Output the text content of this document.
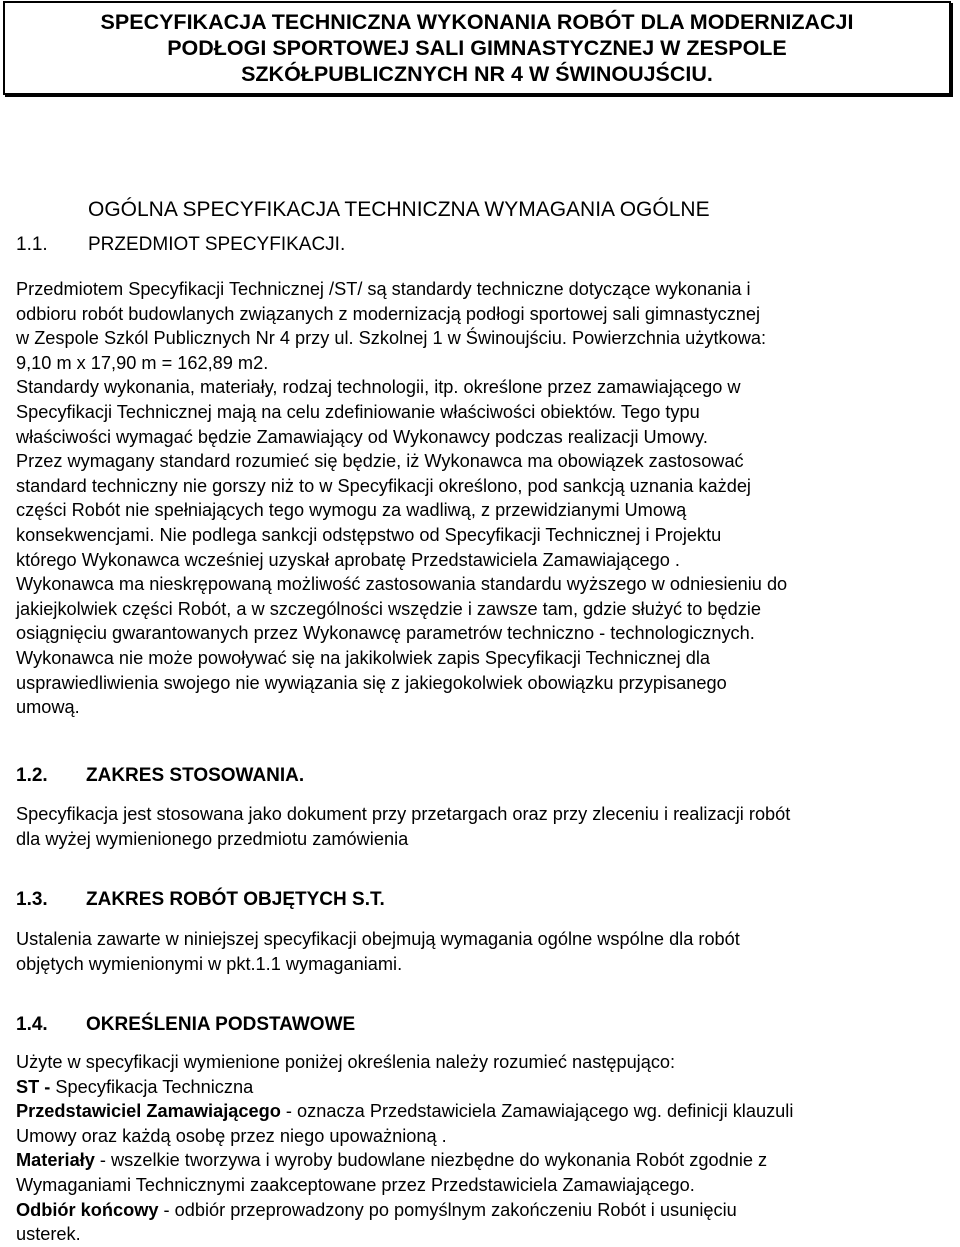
SPECYFIKACJA TECHNICZNA WYKONANIA ROBÓT DLA MODERNIZACJI
PODŁOGI SPORTOWEJ SALI GIMNASTYCZNEJ W ZESPOLE
SZKÓŁPUBLICZNYCH NR 4 W ŚWINOUJŚCIU.
OGÓLNA SPECYFIKACJA TECHNICZNA WYMAGANIA OGÓLNE
1.1. PRZEDMIOT SPECYFIKACJI.
Przedmiotem Specyfikacji Technicznej /ST/ są standardy techniczne dotyczące wykonania i
odbioru robót budowlanych związanych z modernizacją podłogi sportowej sali gimnastycznej
w Zespole Szkól Publicznych Nr 4 przy ul. Szkolnej 1 w Świnoujściu. Powierzchnia użytkowa:
9,10 m x 17,90 m = 162,89 m2.
Standardy wykonania, materiały, rodzaj technologii, itp. określone przez zamawiającego w
Specyfikacji Technicznej mają na celu zdefiniowanie właściwości obiektów. Tego typu
właściwości wymagać będzie Zamawiający od Wykonawcy podczas realizacji Umowy.
Przez wymagany standard rozumieć się będzie, iż Wykonawca ma obowiązek zastosować
standard techniczny nie gorszy niż to w Specyfikacji określono, pod sankcją uznania każdej
części Robót nie spełniających tego wymogu za wadliwą, z przewidzianymi Umową
konsekwencjami. Nie podlega sankcji odstępstwo od Specyfikacji Technicznej i Projektu
którego Wykonawca wcześniej uzyskał aprobatę Przedstawiciela Zamawiającego .
Wykonawca ma nieskrępowaną możliwość zastosowania standardu wyższego w odniesieniu do
jakiejkolwiek części Robót, a w szczególności wszędzie i zawsze tam, gdzie służyć to będzie
osiągnięciu gwarantowanych przez Wykonawcę parametrów techniczno - technologicznych.
Wykonawca nie może powoływać się na jakikolwiek zapis Specyfikacji Technicznej dla
usprawiedliwienia swojego nie wywiązania się z jakiegokolwiek obowiązku przypisanego
umową.
1.2. ZAKRES STOSOWANIA.
Specyfikacja jest stosowana jako dokument przy przetargach oraz przy zleceniu i realizacji robót
dla wyżej wymienionego przedmiotu zamówienia
1.3. ZAKRES ROBÓT OBJĘTYCH S.T.
Ustalenia zawarte w niniejszej specyfikacji obejmują wymagania ogólne wspólne dla robót
objętych wymienionymi w pkt.1.1 wymaganiami.
1.4. OKREŚLENIA PODSTAWOWE
Użyte w specyfikacji wymienione poniżej określenia należy rozumieć następująco:
ST - Specyfikacja Techniczna
Przedstawiciel Zamawiającego - oznacza Przedstawiciela Zamawiającego wg. definicji klauzuli
Umowy oraz każdą osobę przez niego upoważnioną .
Materiały - wszelkie tworzywa i wyroby budowlane niezbędne do wykonania Robót zgodnie z
Wymaganiami Technicznymi zaakceptowane przez Przedstawiciela Zamawiającego.
Odbiór końcowy - odbiór przeprowadzony po pomyślnym zakończeniu Robót i usunięciu
usterek.
